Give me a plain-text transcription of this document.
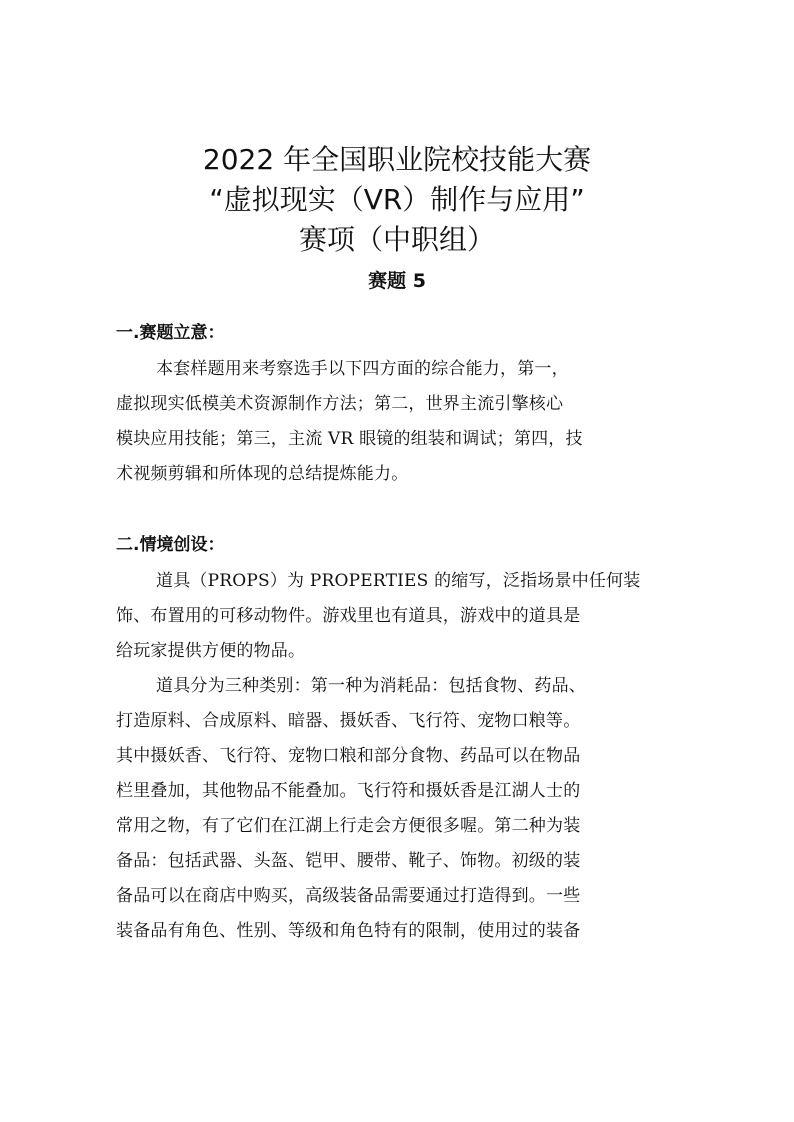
2022 年全国职业院校技能大赛
“虚拟现实（VR）制作与应用”
赛项（中职组）
赛题 5
一.赛题立意：
本套样题用来考察选手以下四方面的综合能力，第一，
虚拟现实低模美术资源制作方法；第二，世界主流引擎核心
模块应用技能；第三，主流 VR 眼镜的组装和调试；第四，技
术视频剪辑和所体现的总结提炼能力。
二.情境创设：
道具（PROPS）为 PROPERTIES 的缩写，泛指场景中任何装
饰、布置用的可移动物件。游戏里也有道具，游戏中的道具是
给玩家提供方便的物品。
道具分为三种类别：第一种为消耗品：包括食物、药品、
打造原料、合成原料、暗器、摄妖香、飞行符、宠物口粮等。
其中摄妖香、飞行符、宠物口粮和部分食物、药品可以在物品
栏里叠加，其他物品不能叠加。飞行符和摄妖香是江湖人士的
常用之物，有了它们在江湖上行走会方便很多喔。第二种为装
备品：包括武器、头盔、铠甲、腰带、靴子、饰物。初级的装
备品可以在商店中购买，高级装备品需要通过打造得到。一些
装备品有角色、性别、等级和角色特有的限制，使用过的装备
